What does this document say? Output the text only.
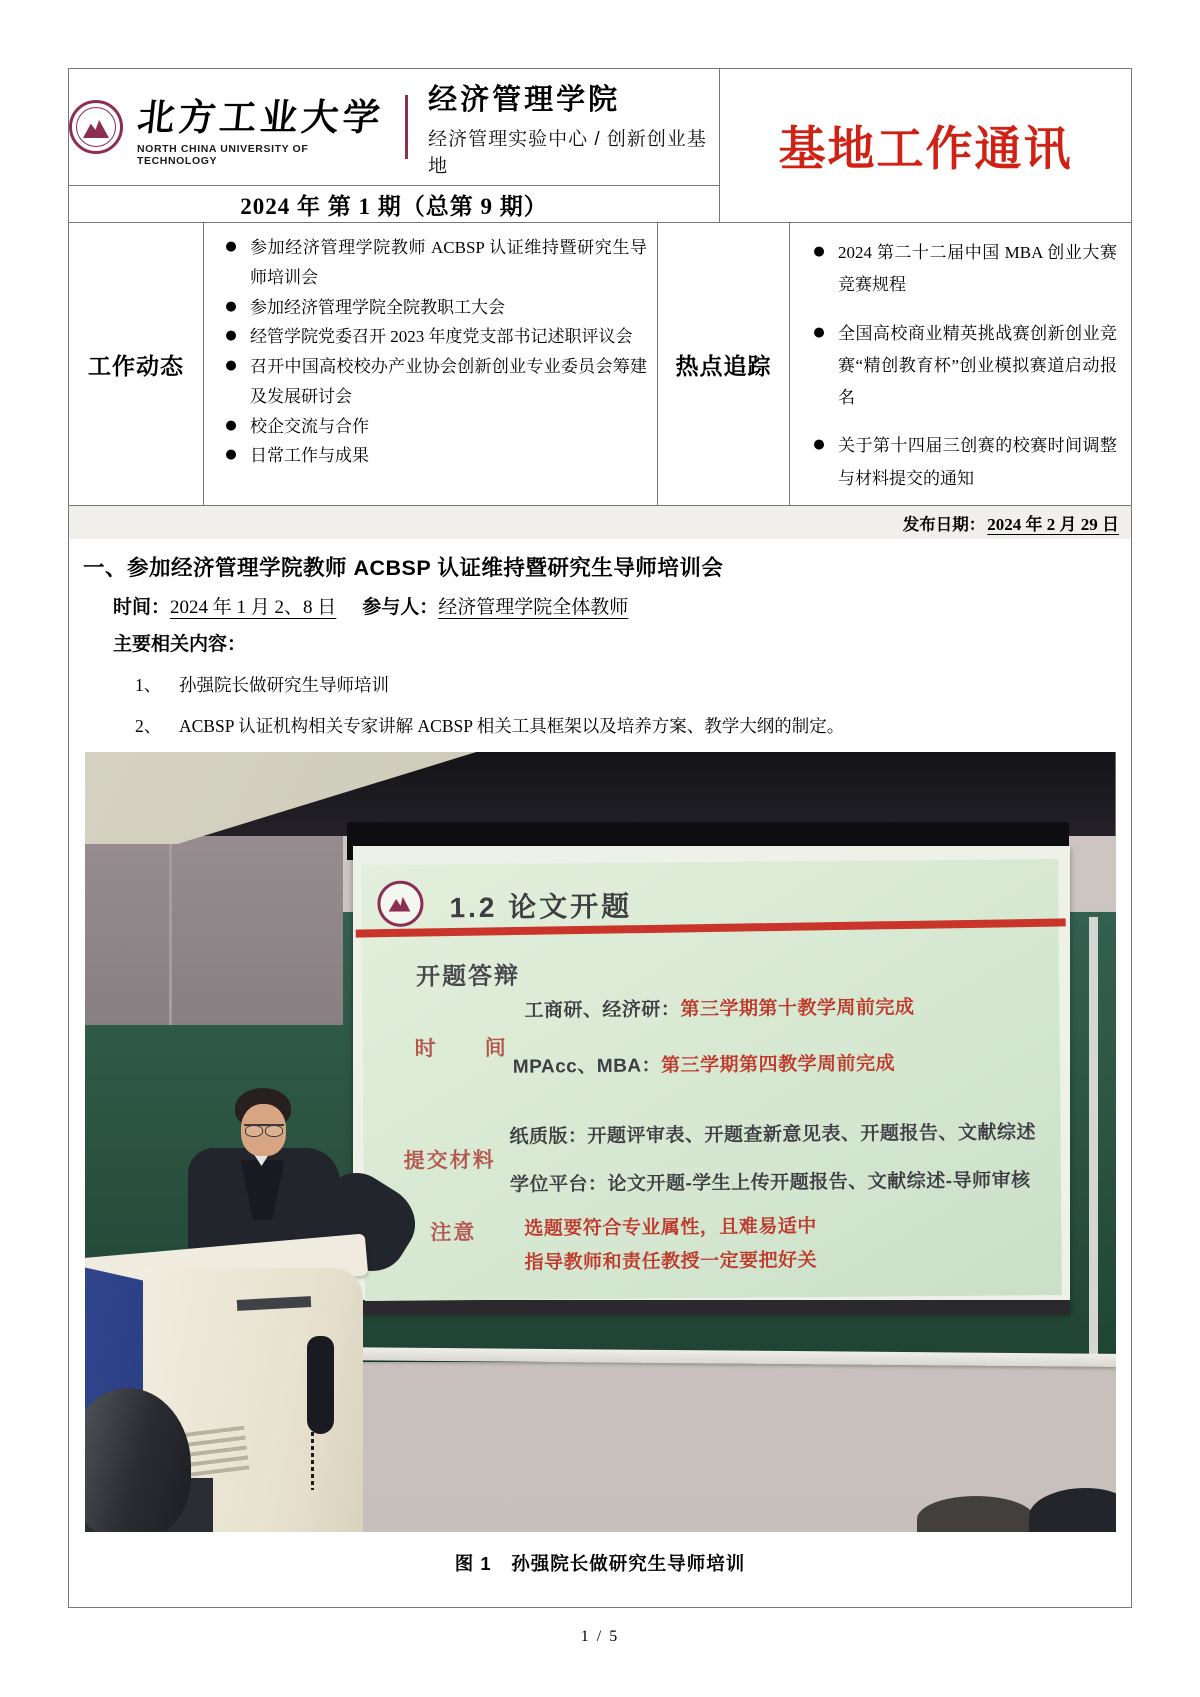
北方工业大学
NORTH CHINA UNIVERSITY OF TECHNOLOGY
经济管理学院
经济管理实验中心 / 创新创业基地	基地工作通讯
2024 年 第 1 期（总第 9 期）
工作动态
● 参加经济管理学院教师 ACBSP 认证维持暨研究生导师培训会
● 参加经济管理学院全院教职工大会
● 经管学院党委召开 2023 年度党支部书记述职评议会
● 召开中国高校校办产业协会创新创业专业委员会筹建及发展研讨会
● 校企交流与合作
● 日常工作与成果
热点追踪
● 2024 第二十二届中国 MBA 创业大赛竞赛规程
● 全国高校商业精英挑战赛创新创业竞赛“精创教育杯”创业模拟赛道启动报名
● 关于第十四届三创赛的校赛时间调整与材料提交的通知
发布日期： 2024 年 2 月 29 日
一、参加经济管理学院教师 ACBSP 认证维持暨研究生导师培训会
时间： 2024 年 1 月 2、8 日 参与人： 经济管理学院全体教师
主要相关内容：
1、	孙强院长做研究生导师培训
2、	ACBSP 认证机构相关专家讲解 ACBSP 相关工具框架以及培养方案、教学大纲的制定。
1.2 论文开题
开题答辩
工商研、经济研：第三学期第十教学周前完成
时      间
MPAcc、MBA：第三学期第四教学周前完成
纸质版：开题评审表、开题查新意见表、开题报告、文献综述
提交材料
学位平台：论文开题-学生上传开题报告、文献综述-导师审核
注意	选题要符合专业属性，且难易适中
指导教师和责任教授一定要把好关
图 1　孙强院长做研究生导师培训
1 / 5
